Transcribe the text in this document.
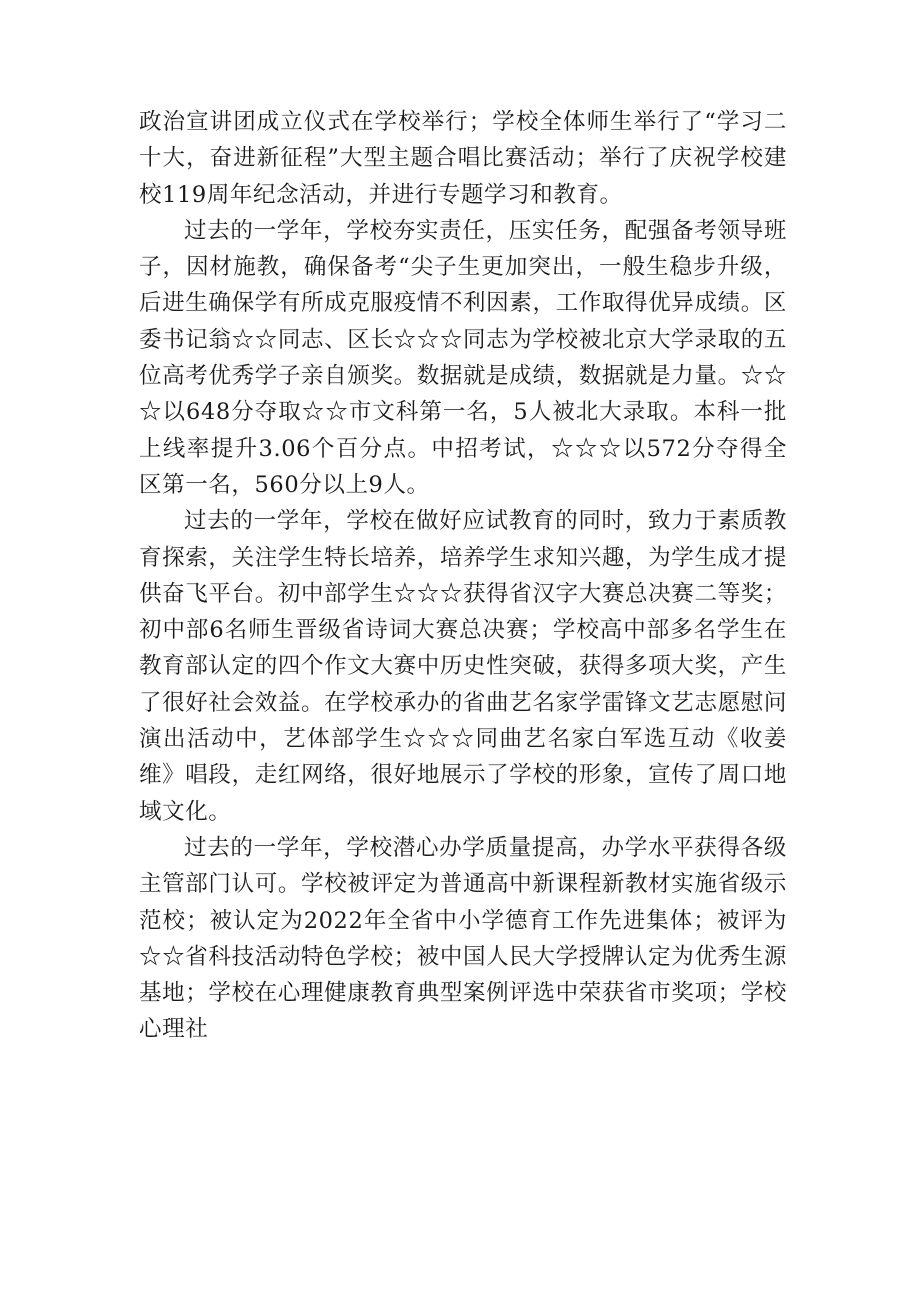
政治宣讲团成立仪式在学校举行；学校全体师生举行了“学习二十大，奋进新征程”大型主题合唱比赛活动；举行了庆祝学校建校119周年纪念活动，并进行专题学习和教育。

过去的一学年，学校夯实责任，压实任务，配强备考领导班子，因材施教，确保备考“尖子生更加突出，一般生稳步升级，后进生确保学有所成克服疫情不利因素，工作取得优异成绩。区委书记翁☆☆同志、区长☆☆☆同志为学校被北京大学录取的五位高考优秀学子亲自颁奖。数据就是成绩，数据就是力量。☆☆☆以648分夺取☆☆市文科第一名，5人被北大录取。本科一批上线率提升3.06个百分点。中招考试，☆☆☆以572分夺得全区第一名，560分以上9人。

过去的一学年，学校在做好应试教育的同时，致力于素质教育探索，关注学生特长培养，培养学生求知兴趣，为学生成才提供奋飞平台。初中部学生☆☆☆获得省汉字大赛总决赛二等奖；初中部6名师生晋级省诗词大赛总决赛；学校高中部多名学生在教育部认定的四个作文大赛中历史性突破，获得多项大奖，产生了很好社会效益。在学校承办的省曲艺名家学雷锋文艺志愿慰问演出活动中，艺体部学生☆☆☆同曲艺名家白军选互动《收姜维》唱段，走红网络，很好地展示了学校的形象，宣传了周口地域文化。

过去的一学年，学校潜心办学质量提高，办学水平获得各级主管部门认可。学校被评定为普通高中新课程新教材实施省级示范校；被认定为2022年全省中小学德育工作先进集体；被评为☆☆省科技活动特色学校；被中国人民大学授牌认定为优秀生源基地；学校在心理健康教育典型案例评选中荣获省市奖项；学校心理社
